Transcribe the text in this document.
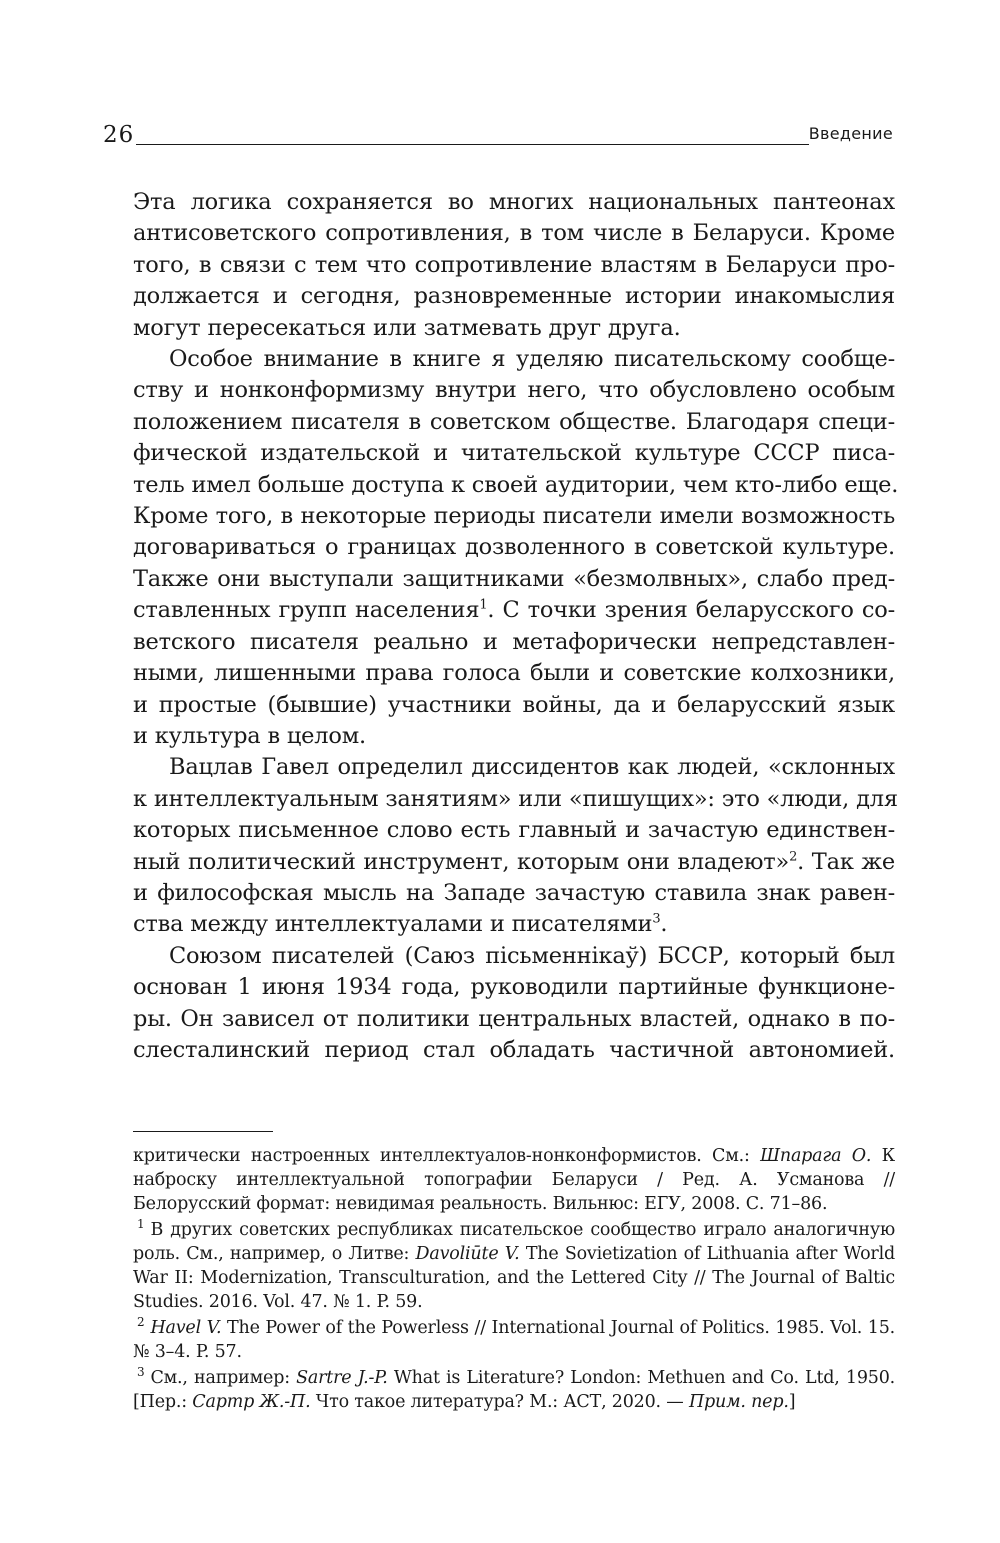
26	Введение

Эта логика сохраняется во многих национальных пантеонах
антисоветского сопротивления, в том числе в Беларуси. Кроме
того, в связи с тем что сопротивление властям в Беларуси про-
должается и сегодня, разновременные истории инакомыслия
могут пересекаться или затмевать друг друга.

Особое внимание в книге я уделяю писательскому сообще-
ству и нонконформизму внутри него, что обусловлено особым
положением писателя в советском обществе. Благодаря специ-
фической издательской и читательской культуре СССР писа-
тель имел больше доступа к своей аудитории, чем кто-либо еще.
Кроме того, в некоторые периоды писатели имели возможность
договариваться о границах дозволенного в советской культуре.
Также они выступали защитниками «безмолвных», слабо пред-
ставленных групп населения$^1$. С точки зрения беларусского со-
ветского писателя реально и метафорически непредставлен-
ными, лишенными права голоса были и советские колхозники,
и простые (бывшие) участники войны, да и беларусский язык
и культура в целом.

Вацлав Гавел определил диссидентов как людей, «склонных
к интеллектуальным занятиям» или «пишущих»: это «люди, для
которых письменное слово есть главный и зачастую единствен-
ный политический инструмент, которым они владеют»$^2$. Так же
и философская мысль на Западе зачастую ставила знак равен-
ства между интеллектуалами и писателями$^3$.

Союзом писателей (Саюз пісьменнікаў) БССР, который был
основан 1 июня 1934 года, руководили партийные функционе-
ры. Он зависел от политики центральных властей, однако в по-
слесталинский период стал обладать частичной автономией.

критически настроенных интеллектуалов-нонконформистов. См.: Шпарага О. К наброску интеллектуальной топографии Беларуси / Ред. А. Усманова // Белорусский формат: невидимая реальность. Вильнюс: ЕГУ, 2008. С. 71–86.

$^1$ В других советских республиках писательское сообщество играло аналогичную роль. См., например, о Литве: Davoliūte V. The Sovietization of Lithuania after World War II: Modernization, Transculturation, and the Lettered City // The Journal of Baltic Studies. 2016. Vol. 47. № 1. P. 59.

$^2$ Havel V. The Power of the Powerless // International Journal of Politics. 1985. Vol. 15. № 3–4. P. 57.

$^3$ См., например: Sartre J.-P. What is Literature? London: Methuen and Co. Ltd, 1950. [Пер.: Сартр Ж.-П. Что такое литература? М.: АСТ, 2020. — Прим. пер.]
